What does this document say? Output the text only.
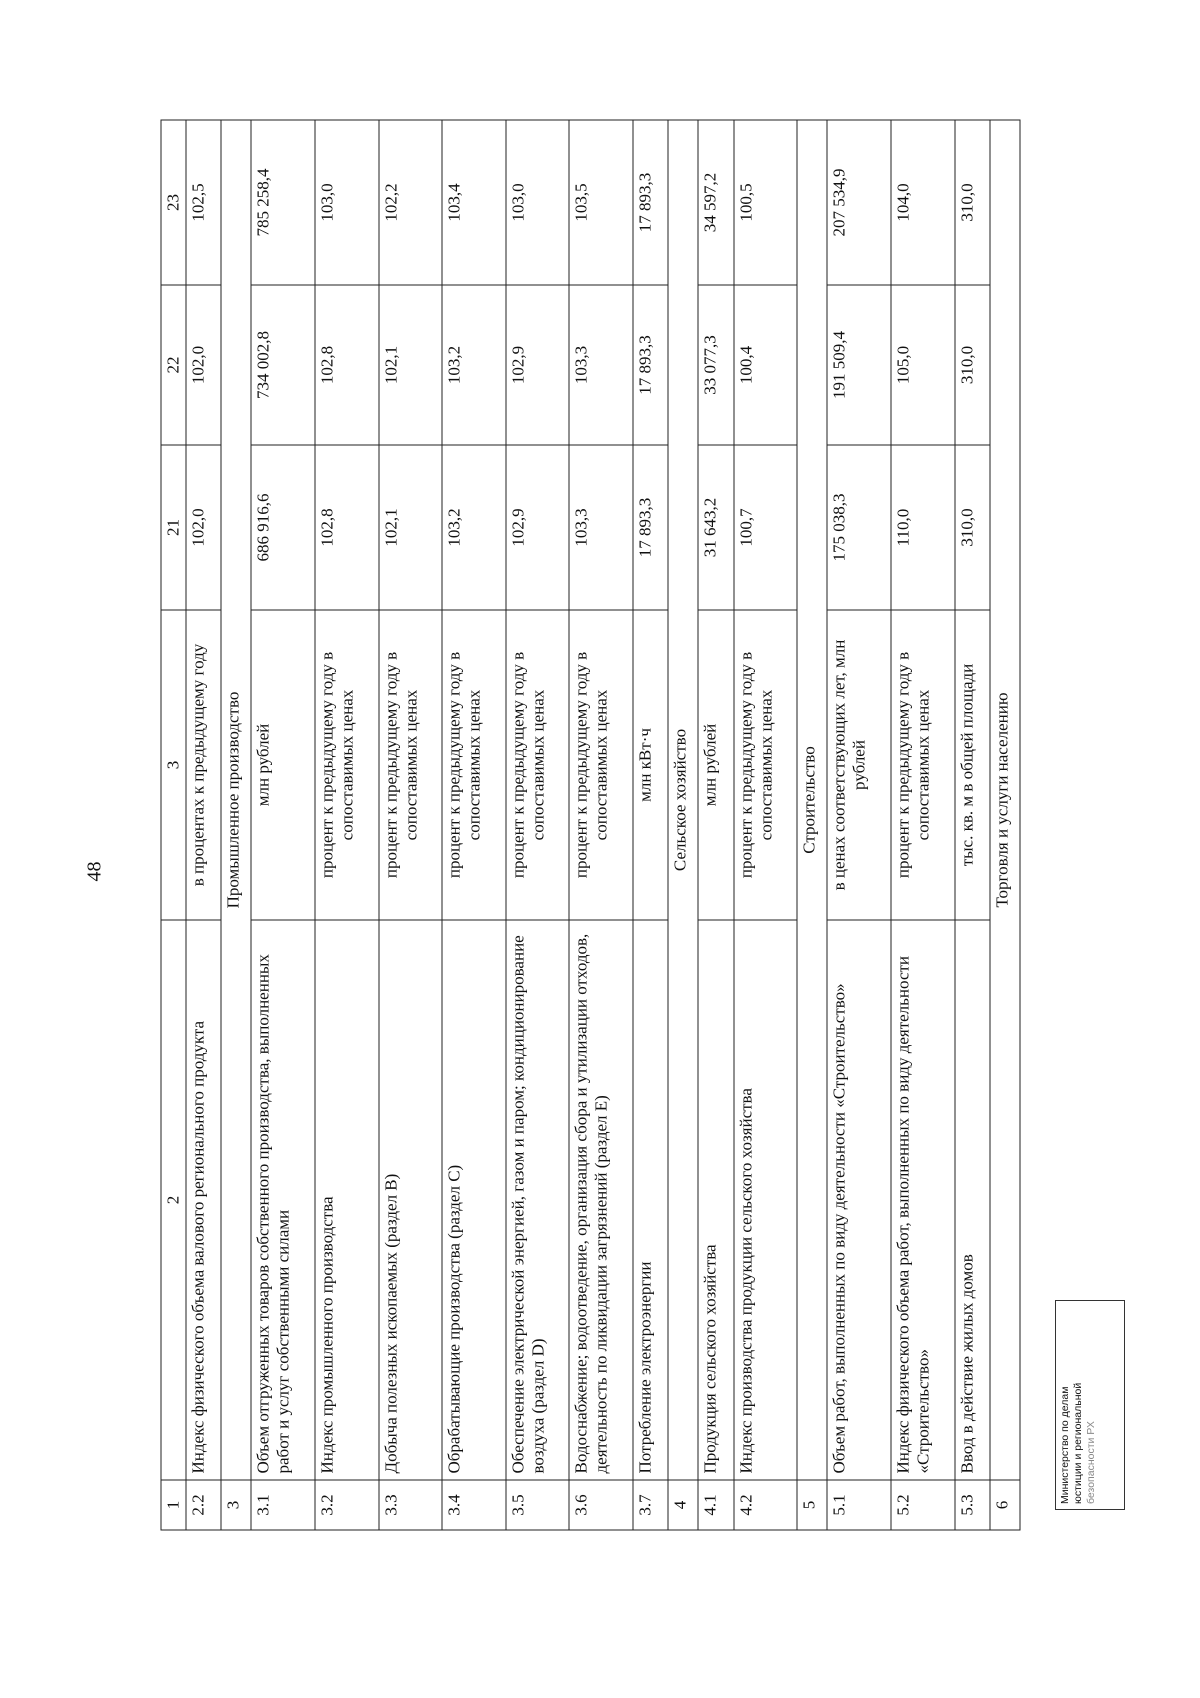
48
1	2	3	21	22	23
2.2	Индекс физического объема валового регионального продукта	в процентах к предыдущему году	102,0	102,0	102,5
3	Промышленное производство				
3.1	Объем отгруженных товаров собственного производства, выполненных работ и услуг собственными силами	млн рублей	686 916,6	734 002,8	785 258,4
3.2	Индекс промышленного производства	процент к предыдущему году в сопоставимых ценах	102,8	102,8	103,0
3.3	Добыча полезных ископаемых (раздел В)	процент к предыдущему году в сопоставимых ценах	102,1	102,1	102,2
3.4	Обрабатывающие производства (раздел С)	процент к предыдущему году в сопоставимых ценах	103,2	103,2	103,4
3.5	Обеспечение электрической энергией, газом и паром; кондиционирование воздуха (раздел D)	процент к предыдущему году в сопоставимых ценах	102,9	102,9	103,0
3.6	Водоснабжение; водоотведение, организация сбора и утилизации отходов, деятельность по ликвидации загрязнений (раздел Е)	процент к предыдущему году в сопоставимых ценах	103,3	103,3	103,5
3.7	Потребление электроэнергии	млн кВт·ч	17 893,3	17 893,3	17 893,3
4	Сельское хозяйство				
4.1	Продукция сельского хозяйства	млн рублей	31 643,2	33 077,3	34 597,2
4.2	Индекс производства продукции сельского хозяйства	процент к предыдущему году в сопоставимых ценах	100,7	100,4	100,5
5	Строительство				
5.1	Объем работ, выполненных по виду деятельности «Строительство»	в ценах соответствующих лет, млн рублей	175 038,3	191 509,4	207 534,9
5.2	Индекс физического объема работ, выполненных по виду деятельности «Строительство»	процент к предыдущему году в сопоставимых ценах	110,0	105,0	104,0
5.3	Ввод в действие жилых домов	тыс. кв. м в общей площади	310,0	310,0	310,0
6	Торговля и услуги населению				
Министерство по делам юстиции и региональной безопасности РХ
